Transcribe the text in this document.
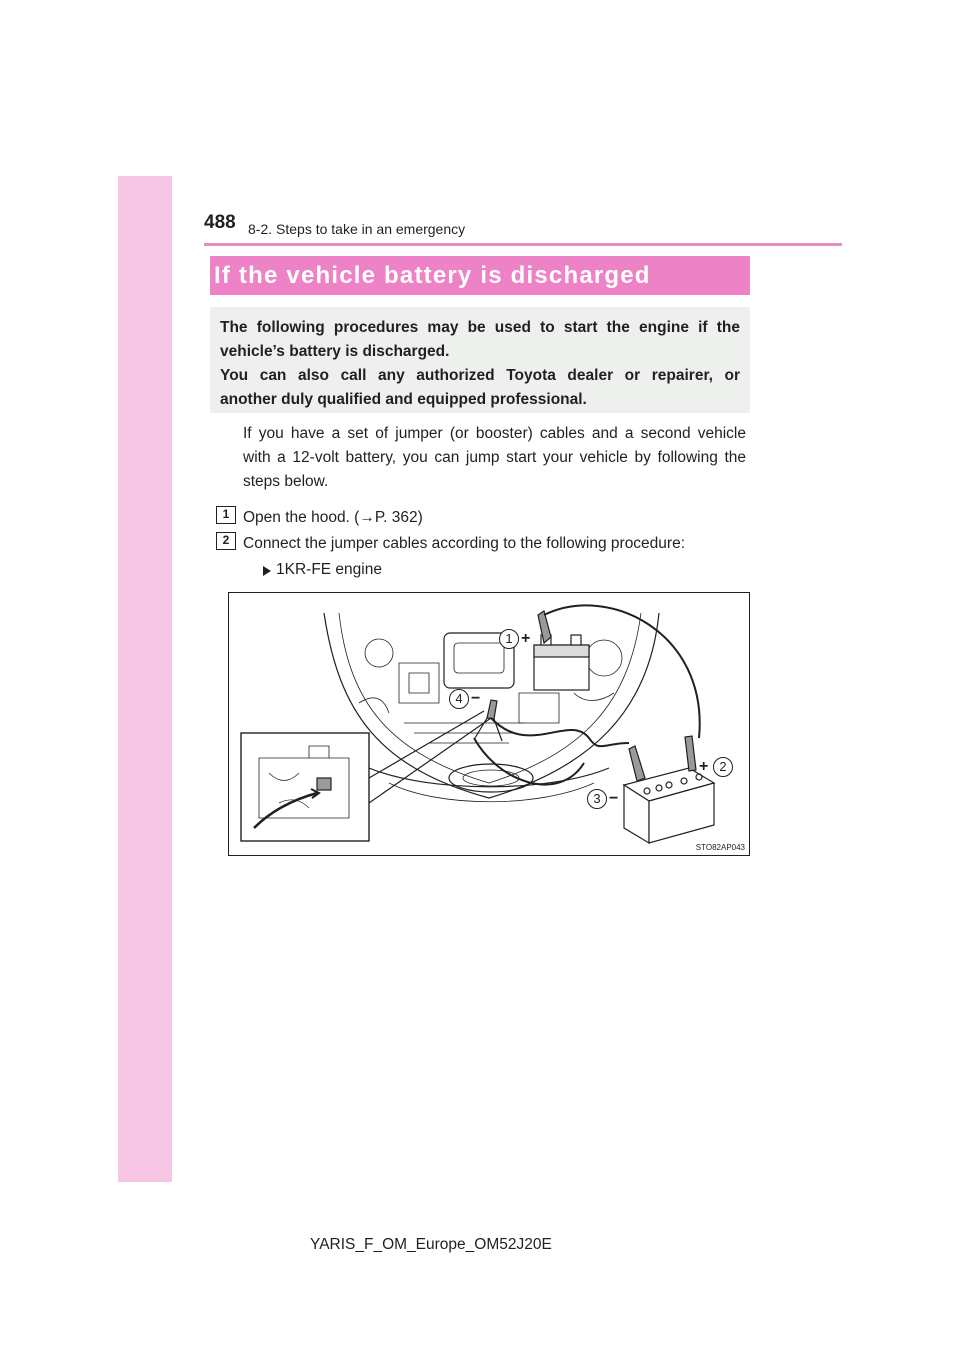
488 8-2. Steps to take in an emergency
If the vehicle battery is discharged
The following procedures may be used to start the engine if the
vehicle’s battery is discharged.
You can also call any authorized Toyota dealer or repairer, or
another duly qualified and equipped professional.
If you have a set of jumper (or booster) cables and a second vehicle
with a 12-volt battery, you can jump start your vehicle by following the
steps below.
1 Open the hood. (→P. 362)
2 Connect the jumper cables according to the following procedure:
1KR-FE engine
1 +
2
+
3 −
4 −
STO82AP043
YARIS_F_OM_Europe_OM52J20E
